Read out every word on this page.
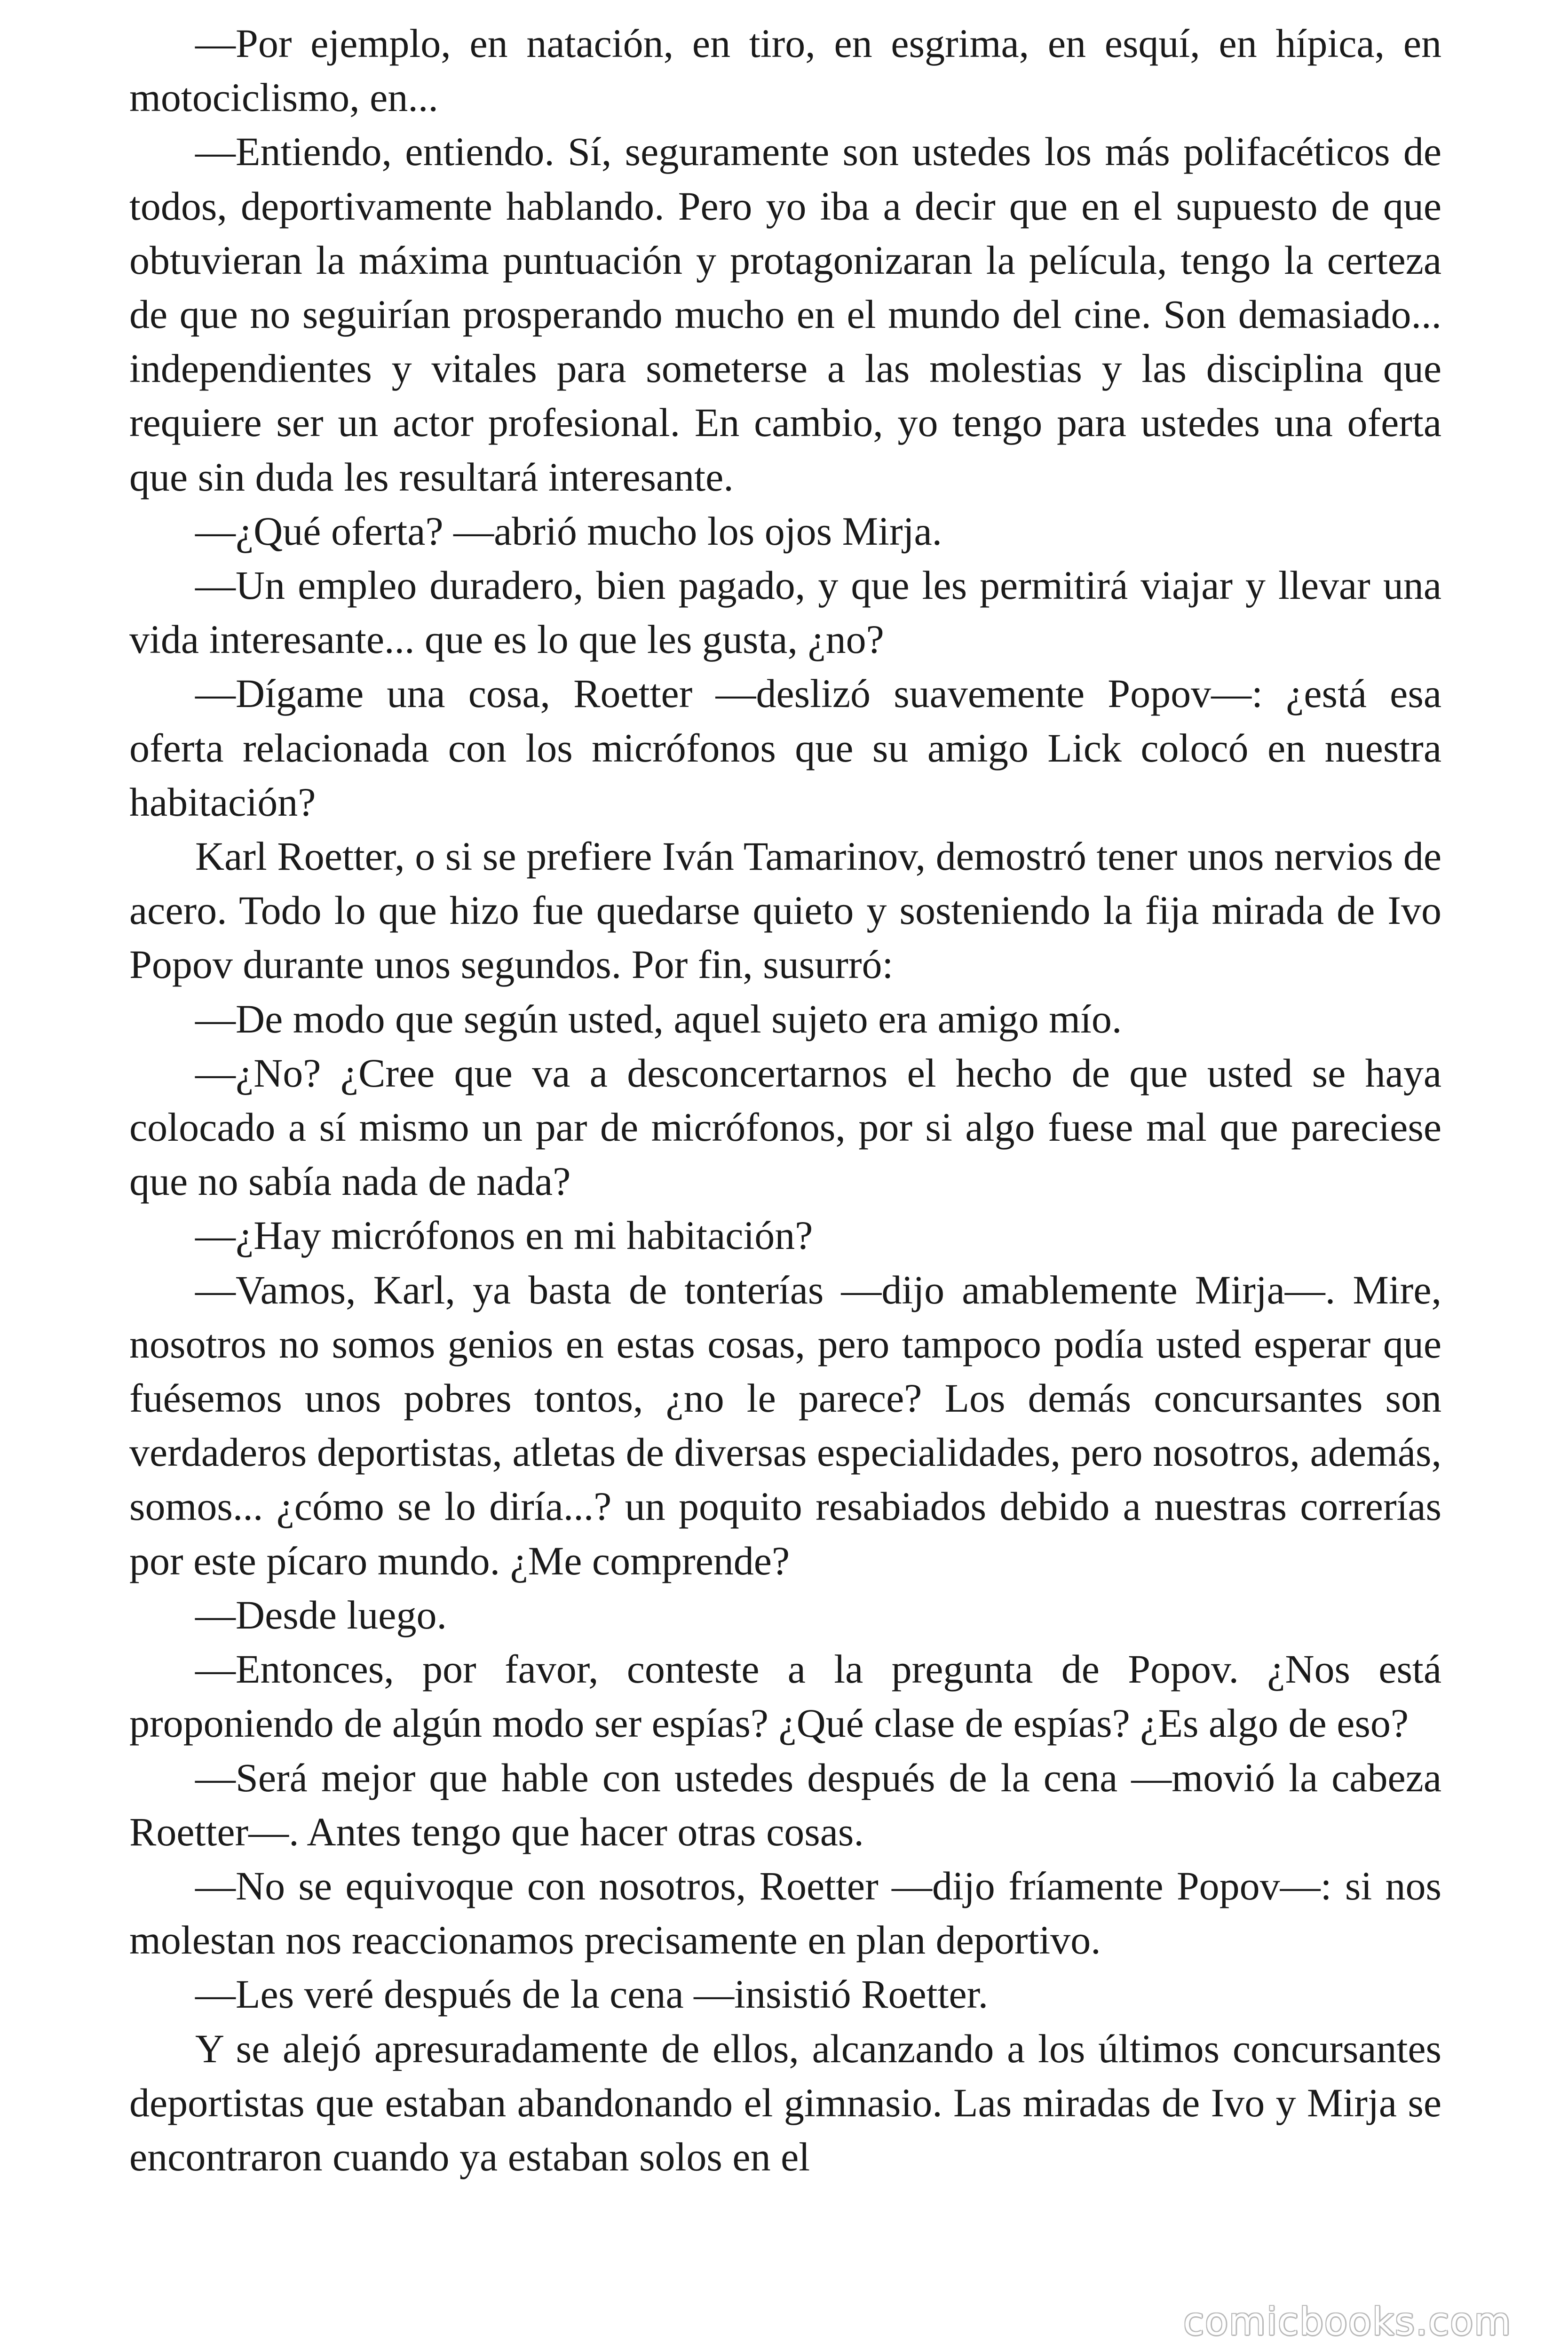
—Por ejemplo, en natación, en tiro, en esgrima, en esquí, en hípica, en motociclismo, en...

—Entiendo, entiendo. Sí, seguramente son ustedes los más polifacéticos de todos, deportivamente hablando. Pero yo iba a decir que en el supuesto de que obtuvieran la máxima puntuación y protagonizaran la película, tengo la certeza de que no seguirían prosperando mucho en el mundo del cine. Son demasiado... independientes y vitales para someterse a las molestias y las disciplina que requiere ser un actor profesional. En cambio, yo tengo para ustedes una oferta que sin duda les resultará interesante.

—¿Qué oferta? —abrió mucho los ojos Mirja.

—Un empleo duradero, bien pagado, y que les permitirá viajar y llevar una vida interesante... que es lo que les gusta, ¿no?

—Dígame una cosa, Roetter —deslizó suavemente Popov—: ¿está esa oferta relacionada con los micrófonos que su amigo Lick colocó en nuestra habitación?

Karl Roetter, o si se prefiere Iván Tamarinov, demostró tener unos nervios de acero. Todo lo que hizo fue quedarse quieto y sosteniendo la fija mirada de Ivo Popov durante unos segundos. Por fin, susurró:

—De modo que según usted, aquel sujeto era amigo mío.

—¿No? ¿Cree que va a desconcertarnos el hecho de que usted se haya colocado a sí mismo un par de micrófonos, por si algo fuese mal que pareciese que no sabía nada de nada?

—¿Hay micrófonos en mi habitación?

—Vamos, Karl, ya basta de tonterías —dijo amablemente Mirja—. Mire, nosotros no somos genios en estas cosas, pero tampoco podía usted esperar que fuésemos unos pobres tontos, ¿no le parece? Los demás concursantes son verdaderos deportistas, atletas de diversas especialidades, pero nosotros, además, somos... ¿cómo se lo diría...? un poquito resabiados debido a nuestras correrías por este pícaro mundo. ¿Me comprende?

—Desde luego.

—Entonces, por favor, conteste a la pregunta de Popov. ¿Nos está proponiendo de algún modo ser espías? ¿Qué clase de espías? ¿Es algo de eso?

—Será mejor que hable con ustedes después de la cena —movió la cabeza Roetter—. Antes tengo que hacer otras cosas.

—No se equivoque con nosotros, Roetter —dijo fríamente Popov—: si nos molestan nos reaccionamos precisamente en plan deportivo.

—Les veré después de la cena —insistió Roetter.

Y se alejó apresuradamente de ellos, alcanzando a los últimos concursantes deportistas que estaban abandonando el gimnasio. Las miradas de Ivo y Mirja se encontraron cuando ya estaban solos en el

comicbooks.com
